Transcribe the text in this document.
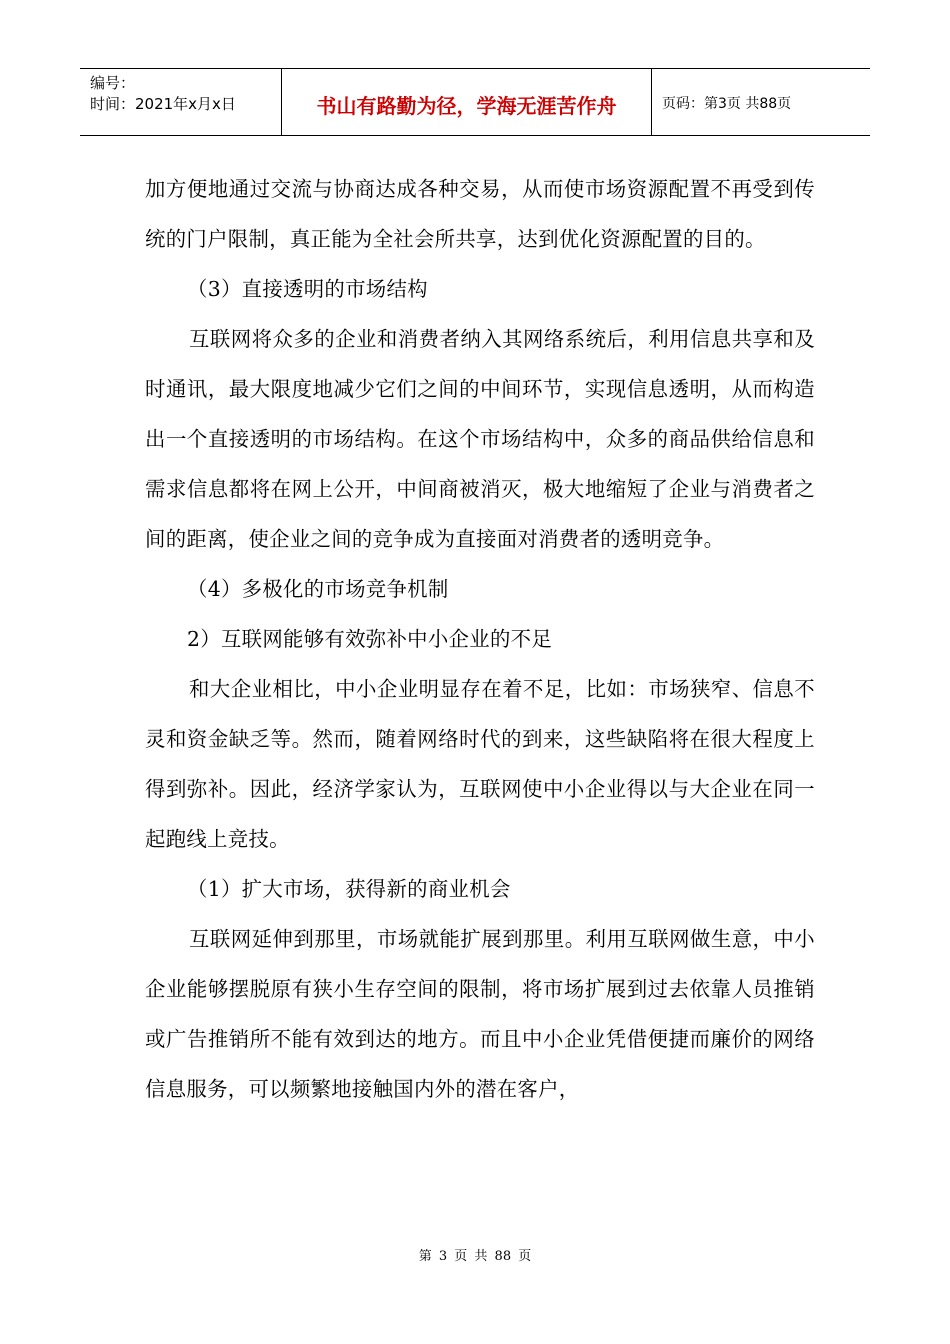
编号：
时间：2021年x月x日	书山有路勤为径，学海无涯苦作舟	页码：第3页 共88页

加方便地通过交流与协商达成各种交易，从而使市场资源配置不再受到传统的门户限制，真正能为全社会所共享，达到优化资源配置的目的。

（3）直接透明的市场结构

互联网将众多的企业和消费者纳入其网络系统后，利用信息共享和及时通讯，最大限度地减少它们之间的中间环节，实现信息透明，从而构造出一个直接透明的市场结构。在这个市场结构中，众多的商品供给信息和需求信息都将在网上公开，中间商被消灭，极大地缩短了企业与消费者之间的距离，使企业之间的竞争成为直接面对消费者的透明竞争。

（4）多极化的市场竞争机制

2）互联网能够有效弥补中小企业的不足

和大企业相比，中小企业明显存在着不足，比如：市场狭窄、信息不灵和资金缺乏等。然而，随着网络时代的到来，这些缺陷将在很大程度上得到弥补。因此，经济学家认为，互联网使中小企业得以与大企业在同一起跑线上竞技。

（1）扩大市场，获得新的商业机会

互联网延伸到那里，市场就能扩展到那里。利用互联网做生意，中小企业能够摆脱原有狭小生存空间的限制，将市场扩展到过去依靠人员推销或广告推销所不能有效到达的地方。而且中小企业凭借便捷而廉价的网络信息服务，可以频繁地接触国内外的潜在客户，

第 3 页 共 88 页
